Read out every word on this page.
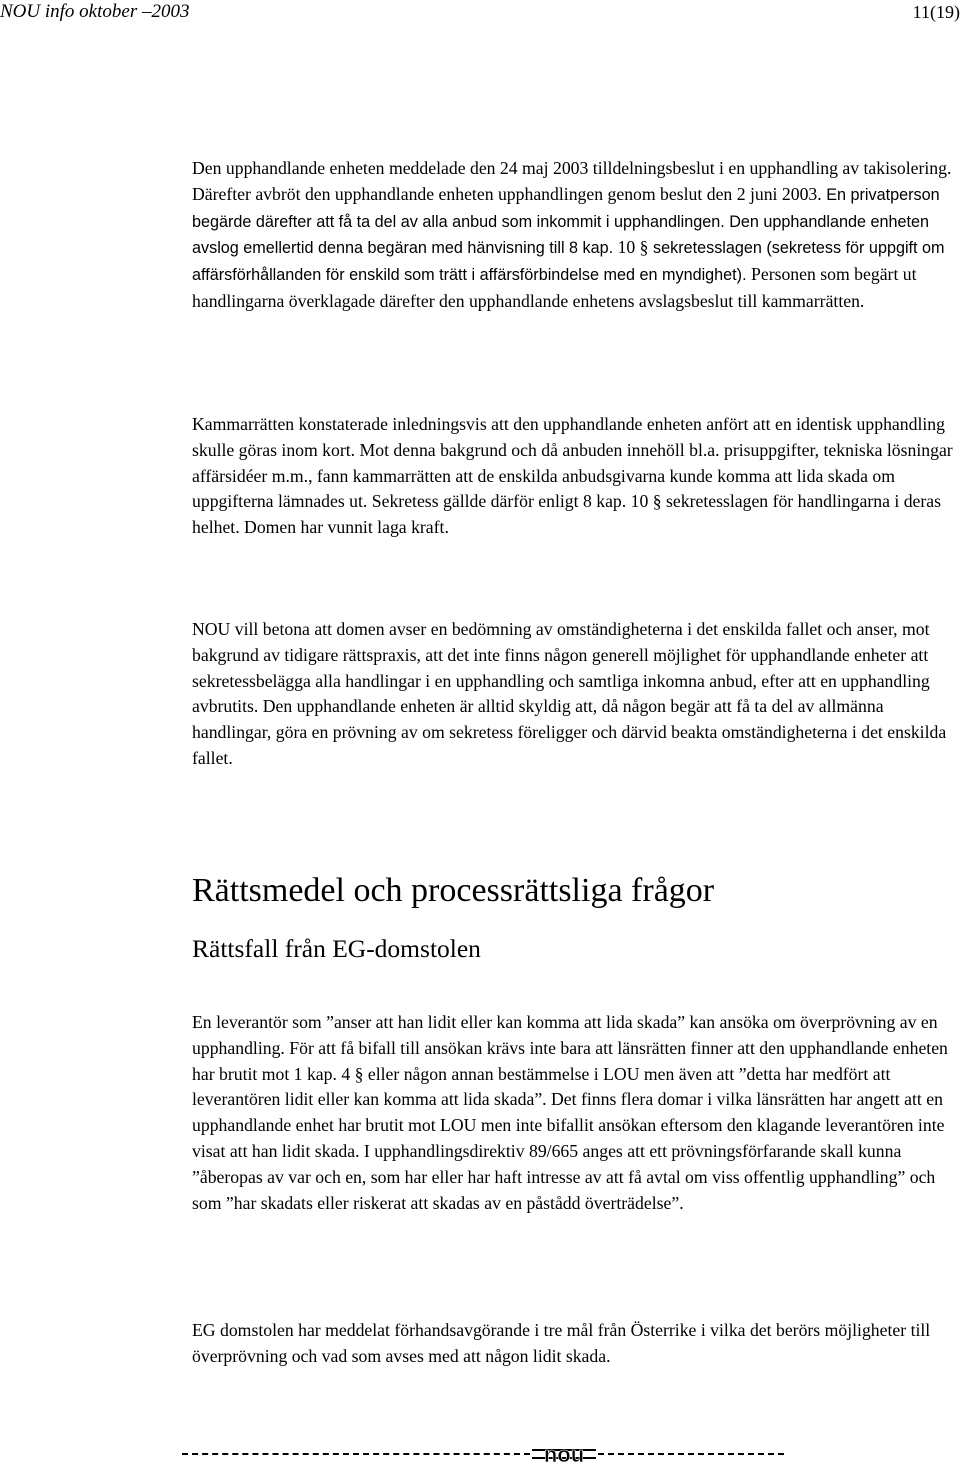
NOU info oktober –2003	11(19)

Den upphandlande enheten meddelade den 24 maj 2003 tilldelningsbeslut i en upphandling av takisolering. Därefter avbröt den upphandlande enheten upphandlingen genom beslut den 2 juni 2003. En privatperson begärde därefter att få ta del av alla anbud som inkommit i upphandlingen. Den upphandlande enheten avslog emellertid denna begäran med hänvisning till 8 kap. 10 § sekretesslagen (sekretess för uppgift om affärsförhållanden för enskild som trätt i affärsförbindelse med en myndighet). Personen som begärt ut handlingarna överklagade därefter den upphandlande enhetens avslagsbeslut till kammarrätten.

Kammarrätten konstaterade inledningsvis att den upphandlande enheten anfört att en identisk upphandling skulle göras inom kort. Mot denna bakgrund och då anbuden innehöll bl.a. prisuppgifter, tekniska lösningar affärsidéer m.m., fann kammarrätten att de enskilda anbudsgivarna kunde komma att lida skada om uppgifterna lämnades ut. Sekretess gällde därför enligt 8 kap. 10 § sekretesslagen för handlingarna i deras helhet. Domen har vunnit laga kraft.

NOU vill betona att domen avser en bedömning av omständigheterna i det enskilda fallet och anser, mot bakgrund av tidigare rättspraxis, att det inte finns någon generell möjlighet för upphandlande enheter att sekretessbelägga alla handlingar i en upphandling och samtliga inkomna anbud, efter att en upphandling avbrutits. Den upphandlande enheten är alltid skyldig att, då någon begär att få ta del av allmänna handlingar, göra en prövning av om sekretess föreligger och därvid beakta omständigheterna i det enskilda fallet.

Rättsmedel och processrättsliga frågor
Rättsfall från EG-domstolen

En leverantör som ”anser att han lidit eller kan komma att lida skada” kan ansöka om överprövning av en upphandling. För att få bifall till ansökan krävs inte bara att länsrätten finner att den upphandlande enheten har brutit mot 1 kap. 4 § eller någon annan bestämmelse i LOU men även att ”detta har medfört att leverantören lidit eller kan komma att lida skada”. Det finns flera domar i vilka länsrätten har angett att en upphandlande enhet har brutit mot LOU men inte bifallit ansökan eftersom den klagande leverantören inte visat att han lidit skada. I upphandlingsdirektiv 89/665 anges att ett prövningsförfarande skall kunna ”åberopas av var och en, som har eller har haft intresse av att få avtal om viss offentlig upphandling” och som ”har skadats eller riskerat att skadas av en påstådd överträdelse”.

EG domstolen har meddelat förhandsavgörande i tre mål från Österrike i vilka det berörs möjligheter till överprövning och vad som avses med att någon lidit skada.

nou
